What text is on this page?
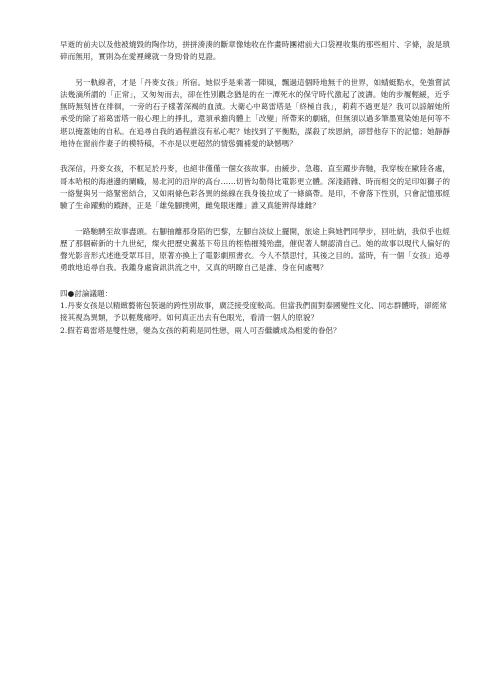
早逝的前夫以及他被燒毀的陶作坊，拼拼湊湊的斷章像她收在作畫時團裙前大口袋裡收集的那些相片、字條，說是瑣碎而無用，實則為在愛裡練就一身勁骨的見證。

另一軌線者，才是「丹麥女孩」所宿。她似乎是乘著一陣風，飄過這個時地無千的世界，如蜻蜓點水，免強嘗試法幾滴所謂的「正常」，又匆匆而去，卻在性別觀念猶是的在一潭死水的保守時代激起了波濤。她的步履輕緩，近乎無時無刻皆在徘徊，一旁的石子樣著深褐的血漬。大衛心中葛雷塔是「終極自我」，莉莉不過更是？我可以諒解她所承受的除了裕葛雷塔一般心理上的掙扎，還須承擔肉體上「改變」所帶來的劇痛，但無須以過多筆墨寬染她是何等不堪以掩蓋她的自私。在追尋自我的過程誰沒有私心呢？她找到了平衡點，謀殺了埃恩納，卻替他存下的記憶；她靜靜地待在窗前作妻子的模特稿，不亦是以更超然的情慫彌補愛的缺憾嗎？

我深信，丹麥女孩，不框足於丹麥，也絕非僅僅一個女孩故事。由緩步、急趨、直至躍步奔馳，我穿梭在歐陸各處，哥本哈根的海港邊的闌幟，易北河的沿岸的高台……切皆勾勒得比電影更立體。深淺錯雜、時而相交的足印如獅子的一絡髮與另一絡緊密結合，又如兩條色彩各異的絲線在我身後拉成了一條縞帶。是印，不會落下性別，只會記憶那經驗了生命躍動的蹤跡，正是「雄兔腳撲朔，雌兔眼迷離」誰又真能辨得雄雌？

一路馳騁至故事盡頭。右腳抽離那身陷的巴黎，左腳自淡紋上擺開，旅途上與她們同學步，回吐納，我似乎也經歷了那個嶄新的十九世紀，燦火把歷史糞基下苟且的桎梏摧殘殆盡，催促著人類認清自己。她的故事以現代人偏好的聲光影音形式述進受眾耳目，原著亦換上了電影劇照書衣。今人不禁思忖，其後之目的。當時，有一個「女孩」追尋勇敢地追尋自我。我鑑身處資訊洪流之中，又真的明瞭自己是誰、身在何處嗎？

四●討論議題：

1.丹麥女孩是以精緻藝術包裝過的跨性別故事，廣泛接受度較高。但當我們面對泰國變性文化、同志群體時，卻經常接其視為異類，予以輕蔑痛呼。如何真正出去有色眼光，看清一個人的原貌？

2.假若葛雷塔是雙性戀，變為女孩的莉莉是同性戀，兩人可否繼續成為相愛的眷侶？
